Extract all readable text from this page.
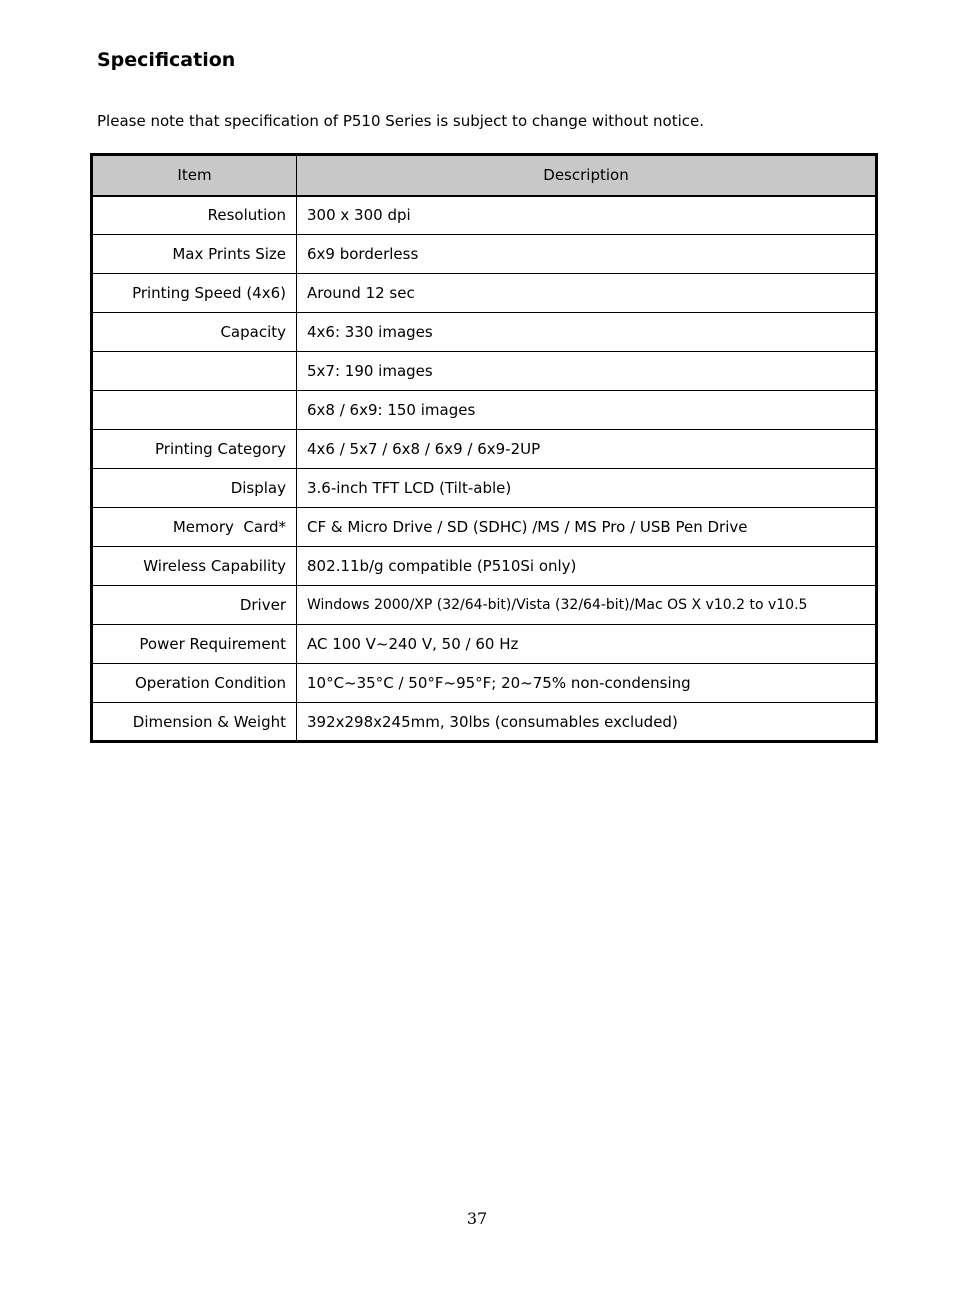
Specification

Please note that specification of P510 Series is subject to change without notice.

Item	Description
Resolution	300 x 300 dpi
Max Prints Size	6x9 borderless
Printing Speed (4x6)	Around 12 sec
Capacity	4x6: 330 images
	5x7: 190 images
	6x8 / 6x9: 150 images
Printing Category	4x6 / 5x7 / 6x8 / 6x9 / 6x9-2UP
Display	3.6-inch TFT LCD (Tilt-able)
Memory  Card*	CF & Micro Drive / SD (SDHC) /MS / MS Pro / USB Pen Drive
Wireless Capability	802.11b/g compatible (P510Si only)
Driver	Windows 2000/XP (32/64-bit)/Vista (32/64-bit)/Mac OS X v10.2 to v10.5
Power Requirement	AC 100 V~240 V, 50 / 60 Hz
Operation Condition	10°C~35°C / 50°F~95°F; 20~75% non-condensing
Dimension & Weight	392x298x245mm, 30lbs (consumables excluded)

37
